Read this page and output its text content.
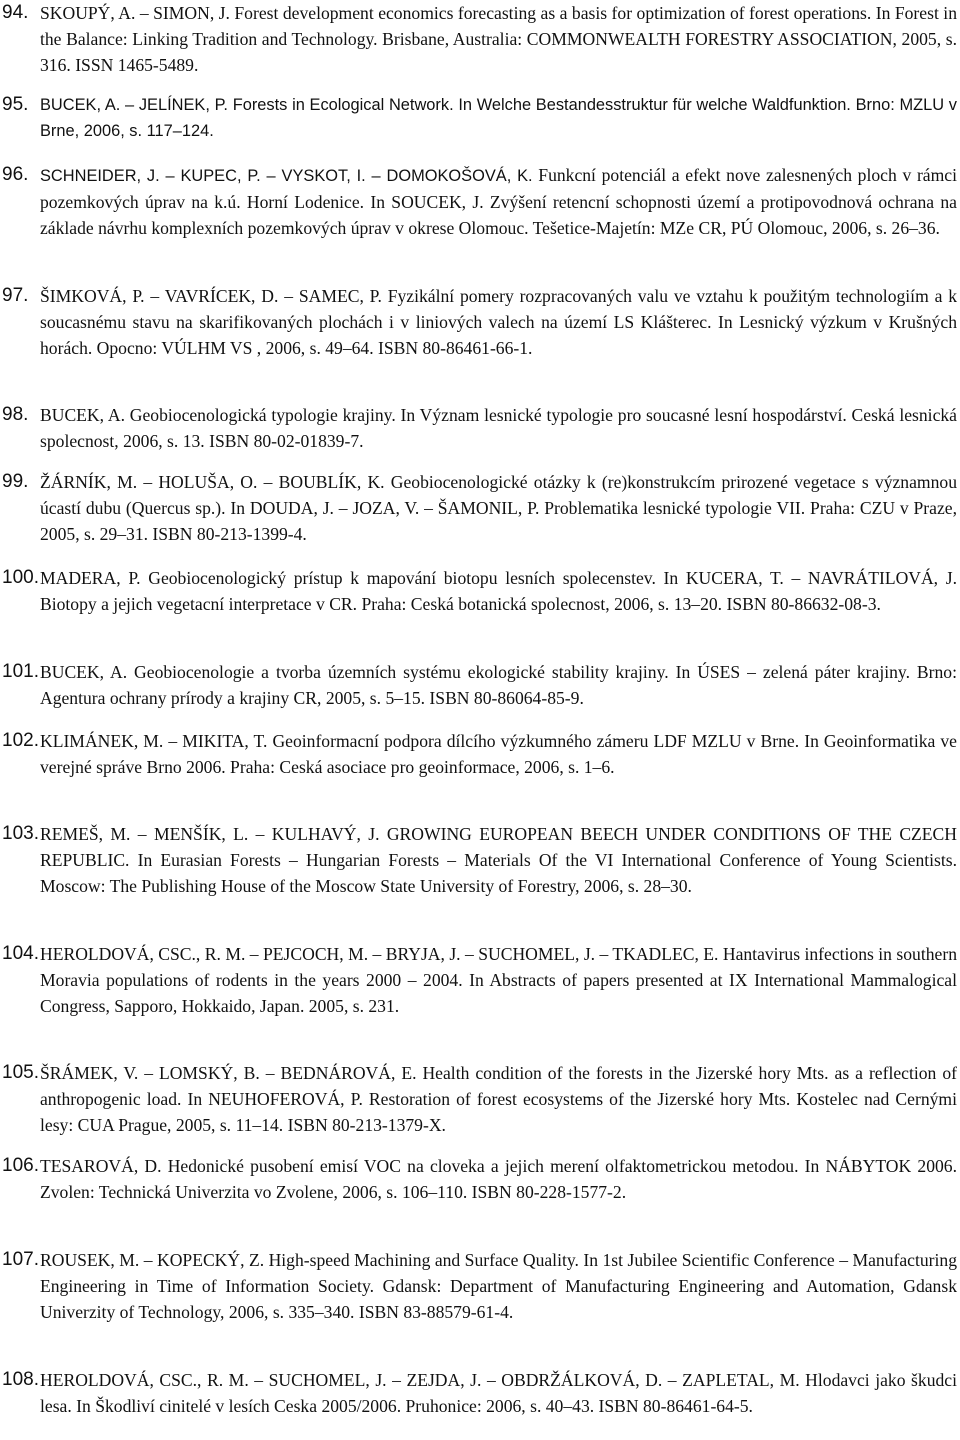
94. SKOUPÝ, A. – SIMON, J. Forest development economics forecasting as a basis for optimization of forest operations. In Forest in the Balance: Linking Tradition and Technology. Brisbane, Australia: COMMONWEALTH FORESTRY ASSOCIATION, 2005, s. 316. ISSN 1465-5489.
95. BUCEK, A. – JELÍNEK, P. Forests in Ecological Network. In Welche Bestandesstruktur für welche Waldfunktion. Brno: MZLU v Brne, 2006, s. 117–124.
96. SCHNEIDER, J. – KUPEC, P. – VYSKOT, I. – DOMOKOŠOVÁ, K. Funkcní potenciál a efekt nove zalesnených ploch v rámci pozemkových úprav na k.ú. Horní Lodenice. In SOUCEK, J. Zvýšení retencní schopnosti území a protipovodnová ochrana na základe návrhu komplexních pozemkových úprav v okrese Olomouc. Tešetice-Majetín: MZe CR, PÚ Olomouc, 2006, s. 26–36.
97. ŠIMKOVÁ, P. – VAVRÍCEK, D. – SAMEC, P. Fyzikální pomery rozpracovaných valu ve vztahu k použitým technologiím a k soucasnému stavu na skarifikovaných plochách i v liniových valech na území LS Klášterec. In Lesnický výzkum v Krušných horách. Opocno: VÚLHM VS , 2006, s. 49–64. ISBN 80-86461-66-1.
98. BUCEK, A. Geobiocenologická typologie krajiny. In Význam lesnické typologie pro soucasné lesní hospodárství. Ceská lesnická spolecnost, 2006, s. 13. ISBN 80-02-01839-7.
99. ŽÁRNÍK, M. – HOLUŠA, O. – BOUBLÍK, K. Geobiocenologické otázky k (re)konstrukcím prirozené vegetace s významnou úcastí dubu (Quercus sp.). In DOUDA, J. – JOZA, V. – ŠAMONIL, P. Problematika lesnické typologie VII. Praha: CZU v Praze, 2005, s. 29–31. ISBN 80-213-1399-4.
100. MADERA, P. Geobiocenologický prístup k mapování biotopu lesních spolecenstev. In KUCERA, T. – NAVRÁTILOVÁ, J. Biotopy a jejich vegetacní interpretace v CR. Praha: Ceská botanická spolecnost, 2006, s. 13–20. ISBN 80-86632-08-3.
101. BUCEK, A. Geobiocenologie a tvorba územních systému ekologické stability krajiny. In ÚSES – zelená páter krajiny. Brno: Agentura ochrany prírody a krajiny CR, 2005, s. 5–15. ISBN 80-86064-85-9.
102. KLIMÁNEK, M. – MIKITA, T. Geoinformacní podpora dílcího výzkumného zámeru LDF MZLU v Brne. In Geoinformatika ve verejné správe Brno 2006. Praha: Ceská asociace pro geoinformace, 2006, s. 1–6.
103. REMEŠ, M. – MENŠÍK, L. – KULHAVÝ, J. GROWING EUROPEAN BEECH UNDER CONDITIONS OF THE CZECH REPUBLIC. In Eurasian Forests – Hungarian Forests – Materials Of the VI International Conference of Young Scientists. Moscow: The Publishing House of the Moscow State University of Forestry, 2006, s. 28–30.
104. HEROLDOVÁ, CSC., R. M. – PEJCOCH, M. – BRYJA, J. – SUCHOMEL, J. – TKADLEC, E. Hantavirus infections in southern Moravia populations of rodents in the years 2000 – 2004. In Abstracts of papers presented at IX International Mammalogical Congress, Sapporo, Hokkaido, Japan. 2005, s. 231.
105. ŠRÁMEK, V. – LOMSKÝ, B. – BEDNÁROVÁ, E. Health condition of the forests in the Jizerské hory Mts. as a reflection of anthropogenic load. In NEUHOFEROVÁ, P. Restoration of forest ecosystems of the Jizerské hory Mts. Kostelec nad Cernými lesy: CUA Prague, 2005, s. 11–14. ISBN 80-213-1379-X.
106. TESAROVÁ, D. Hedonické pusobení emisí VOC na cloveka a jejich merení olfaktometrickou metodou. In NÁBYTOK 2006. Zvolen: Technická Univerzita vo Zvolene, 2006, s. 106–110. ISBN 80-228-1577-2.
107. ROUSEK, M. – KOPECKÝ, Z. High-speed Machining and Surface Quality. In 1st Jubilee Scientific Conference – Manufacturing Engineering in Time of Information Society. Gdansk: Department of Manufacturing Engineering and Automation, Gdansk Univerzity of Technology, 2006, s. 335–340. ISBN 83-88579-61-4.
108. HEROLDOVÁ, CSC., R. M. – SUCHOMEL, J. – ZEJDA, J. – OBDRŽÁLKOVÁ, D. – ZAPLETAL, M. Hlodavci jako škudci lesa. In Škodliví cinitelé v lesích Ceska 2005/2006. Pruhonice: 2006, s. 40–43. ISBN 80-86461-64-5.
